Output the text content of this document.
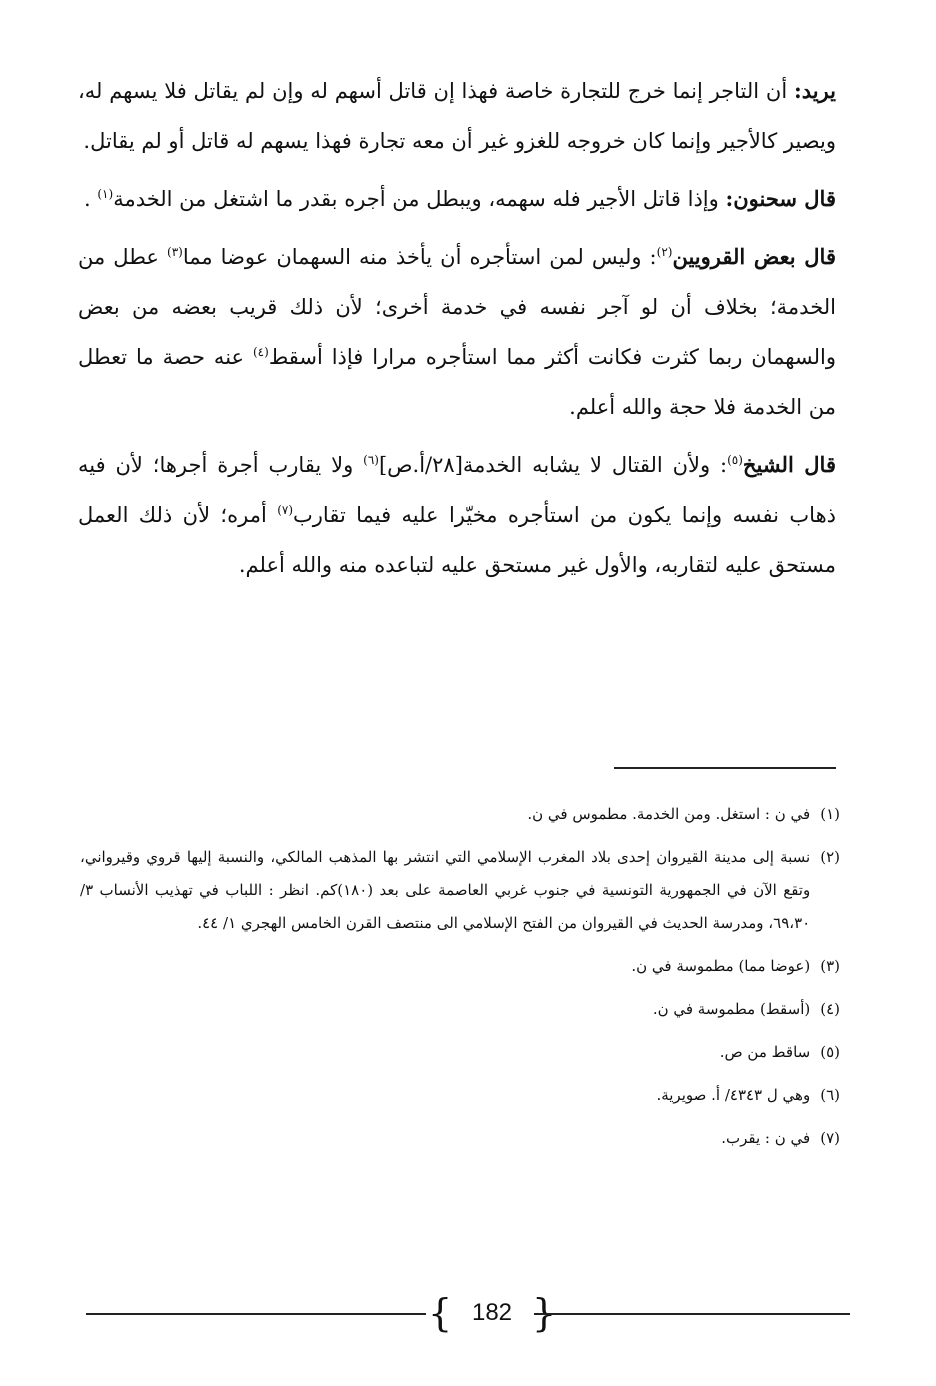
يريد: أن التاجر إنما خرج للتجارة خاصة فهذا إن قاتل أسهم له وإن لم يقاتل فلا يسهم له، ويصير كالأجير وإنما كان خروجه للغزو غير أن معه تجارة فهذا يسهم له قاتل أو لم يقاتل.

قال سحنون: وإذا قاتل الأجير فله سهمه، ويبطل من أجره بقدر ما اشتغل من الخدمة$^{(١)}$ .

قال بعض القرويين$^{(٢)}$: وليس لمن استأجره أن يأخذ منه السهمان عوضا مما$^{(٣)}$ عطل من الخدمة؛ بخلاف أن لو آجر نفسه في خدمة أخرى؛ لأن ذلك قريب بعضه من بعض والسهمان ربما كثرت فكانت أكثر مما استأجره مرارا فإذا أسقط$^{(٤)}$ عنه حصة ما تعطل من الخدمة فلا حجة والله أعلم.

قال الشيخ$^{(٥)}$: ولأن القتال لا يشابه الخدمة[٢٨/أ.ص]$^{(٦)}$ ولا يقارب أجرة أجرها؛ لأن فيه ذهاب نفسه وإنما يكون من استأجره مخيّرا عليه فيما تقارب$^{(٧)}$ أمره؛ لأن ذلك العمل مستحق عليه لتقاربه، والأول غير مستحق عليه لتباعده منه والله أعلم.

(١)
في ن : استغل. ومن الخدمة. مطموس في ن.
(٢)
نسبة إلى مدينة القيروان إحدى بلاد المغرب الإسلامي التي انتشر بها المذهب المالكي، والنسبة إليها قروي وقيرواني، وتقع الآن في الجمهورية التونسية في جنوب غربي العاصمة على بعد (١٨٠)كم. انظر : اللباب في تهذيب الأنساب ٣/ ٦٩،٣٠، ومدرسة الحديث في القيروان من الفتح الإسلامي الى منتصف القرن الخامس الهجري ١/ ٤٤.
(٣)
(عوضا مما) مطموسة في ن.
(٤)
(أسقط) مطموسة في ن.
(٥)
ساقط من ص.
(٦)
وهي ل ٤٣٤٣/ أ. صويرية.
(٧)
في ن : يقرب.
{ 182 }
